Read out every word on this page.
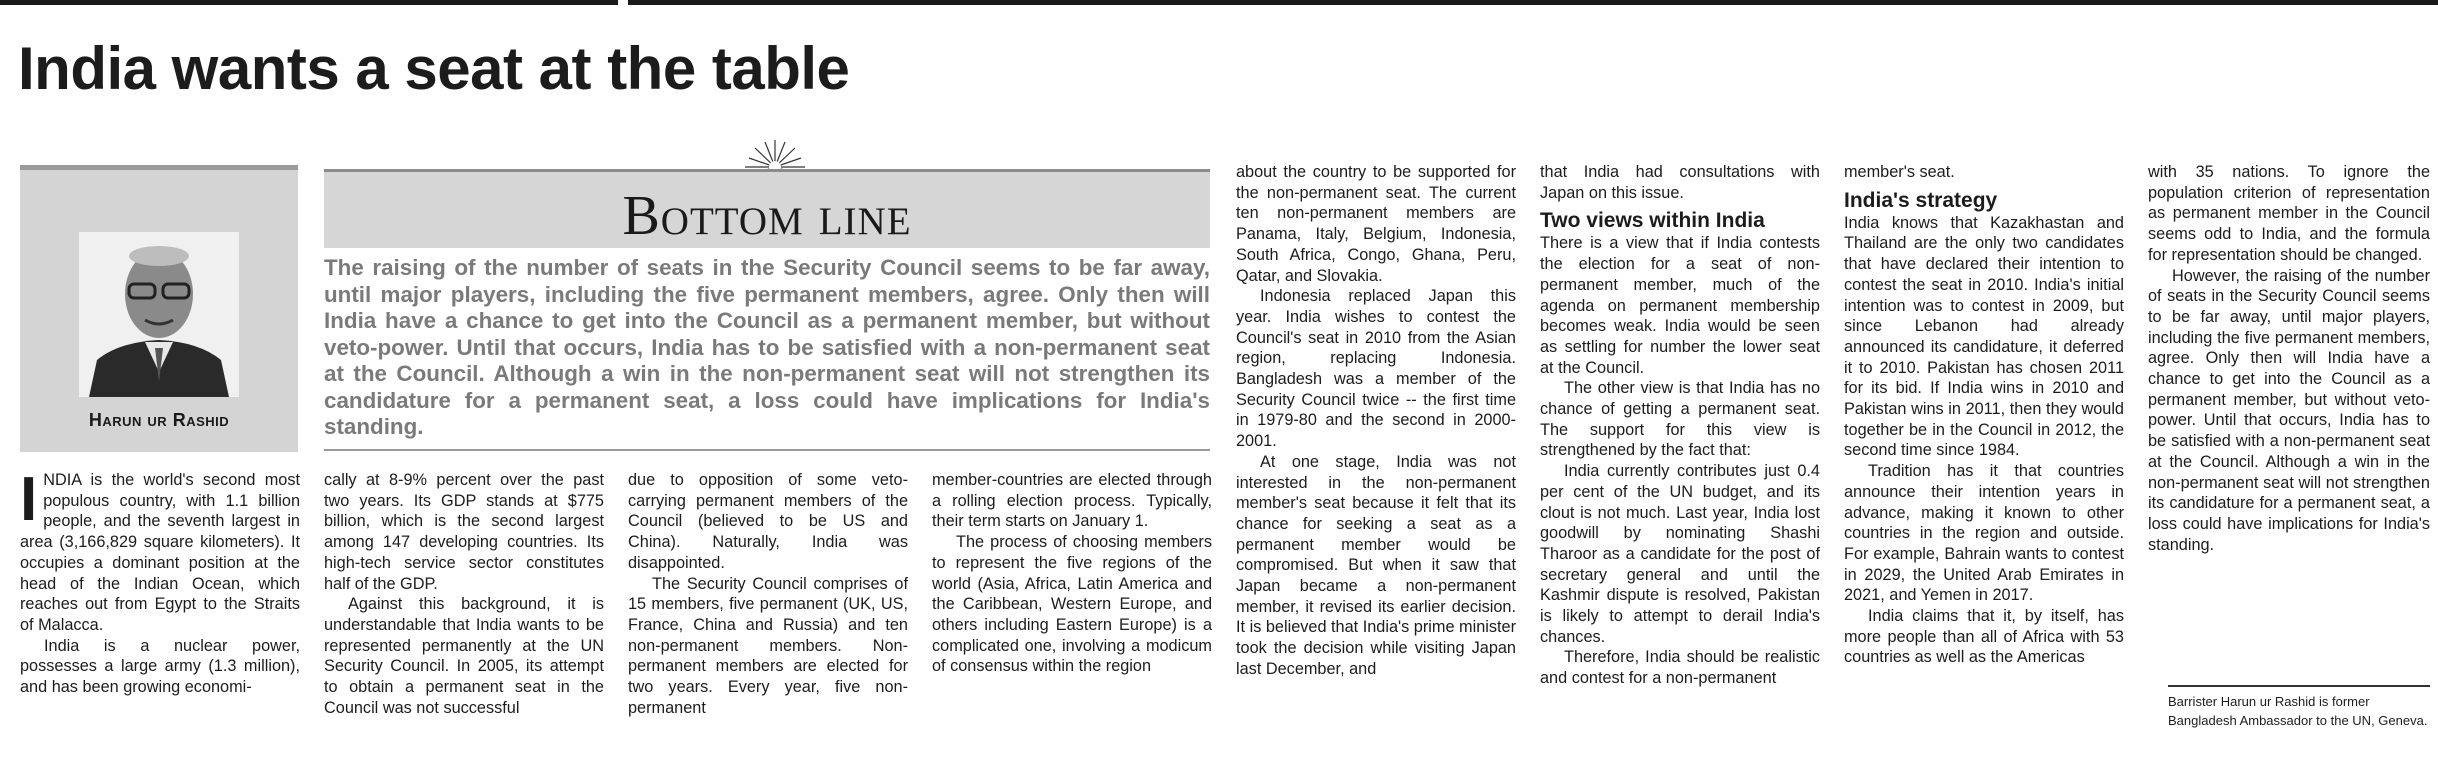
India wants a seat at the table
Harun ur Rashid
Bottom line

The raising of the number of seats in the Security Council seems to be far away, until major players, including the five permanent members, agree. Only then will India have a chance to get into the Council as a permanent member, but without veto-power. Until that occurs, India has to be satisfied with a non-permanent seat at the Council. Although a win in the non-permanent seat will not strengthen its candidature for a permanent seat, a loss could have implications for India's standing.

INDIA is the world's second most populous country, with 1.1 billion people, and the seventh largest in area (3,166,829 square kilometers). It occupies a dominant position at the head of the Indian Ocean, which reaches out from Egypt to the Straits of Malacca.

India is a nuclear power, possesses a large army (1.3 million), and has been growing economi-

cally at 8-9% percent over the past two years. Its GDP stands at $775 billion, which is the second largest among 147 developing countries. Its high-tech service sector constitutes half of the GDP.

Against this background, it is understandable that India wants to be represented permanently at the UN Security Council. In 2005, its attempt to obtain a permanent seat in the Council was not successful

due to opposition of some veto-carrying permanent members of the Council (believed to be US and China). Naturally, India was disappointed.

The Security Council comprises of 15 members, five permanent (UK, US, France, China and Russia) and ten non-permanent members. Non-permanent members are elected for two years. Every year, five non-permanent

member-countries are elected through a rolling election process. Typically, their term starts on January 1.

The process of choosing members to represent the five regions of the world (Asia, Africa, Latin America and the Caribbean, Western Europe, and others including Eastern Europe) is a complicated one, involving a modicum of consensus within the region

about the country to be supported for the non-permanent seat. The current ten non-permanent members are Panama, Italy, Belgium, Indonesia, South Africa, Congo, Ghana, Peru, Qatar, and Slovakia.

Indonesia replaced Japan this year. India wishes to contest the Council's seat in 2010 from the Asian region, replacing Indonesia. Bangladesh was a member of the Security Council twice -- the first time in 1979-80 and the second in 2000-2001.

At one stage, India was not interested in the non-permanent member's seat because it felt that its chance for seeking a seat as a permanent member would be compromised. But when it saw that Japan became a non-permanent member, it revised its earlier decision. It is believed that India's prime minister took the decision while visiting Japan last December, and

that India had consultations with Japan on this issue.

Two views within India

There is a view that if India contests the election for a seat of non-permanent member, much of the agenda on permanent membership becomes weak. India would be seen as settling for number the lower seat at the Council.

The other view is that India has no chance of getting a permanent seat. The support for this view is strengthened by the fact that:

India currently contributes just 0.4 per cent of the UN budget, and its clout is not much. Last year, India lost goodwill by nominating Shashi Tharoor as a candidate for the post of secretary general and until the Kashmir dispute is resolved, Pakistan is likely to attempt to derail India's chances.

Therefore, India should be realistic and contest for a non-permanent

member's seat.

India's strategy

India knows that Kazakhastan and Thailand are the only two candidates that have declared their intention to contest the seat in 2010. India's initial intention was to contest in 2009, but since Lebanon had already announced its candidature, it deferred it to 2010. Pakistan has chosen 2011 for its bid. If India wins in 2010 and Pakistan wins in 2011, then they would together be in the Council in 2012, the second time since 1984.

Tradition has it that countries announce their intention years in advance, making it known to other countries in the region and outside. For example, Bahrain wants to contest in 2029, the United Arab Emirates in 2021, and Yemen in 2017.

India claims that it, by itself, has more people than all of Africa with 53 countries as well as the Americas

with 35 nations. To ignore the population criterion of representation as permanent member in the Council seems odd to India, and the formula for representation should be changed.

However, the raising of the number of seats in the Security Council seems to be far away, until major players, including the five permanent members, agree. Only then will India have a chance to get into the Council as a permanent member, but without veto-power. Until that occurs, India has to be satisfied with a non-permanent seat at the Council. Although a win in the non-permanent seat will not strengthen its candidature for a permanent seat, a loss could have implications for India's standing.

Barrister Harun ur Rashid is former Bangladesh Ambassador to the UN, Geneva.
